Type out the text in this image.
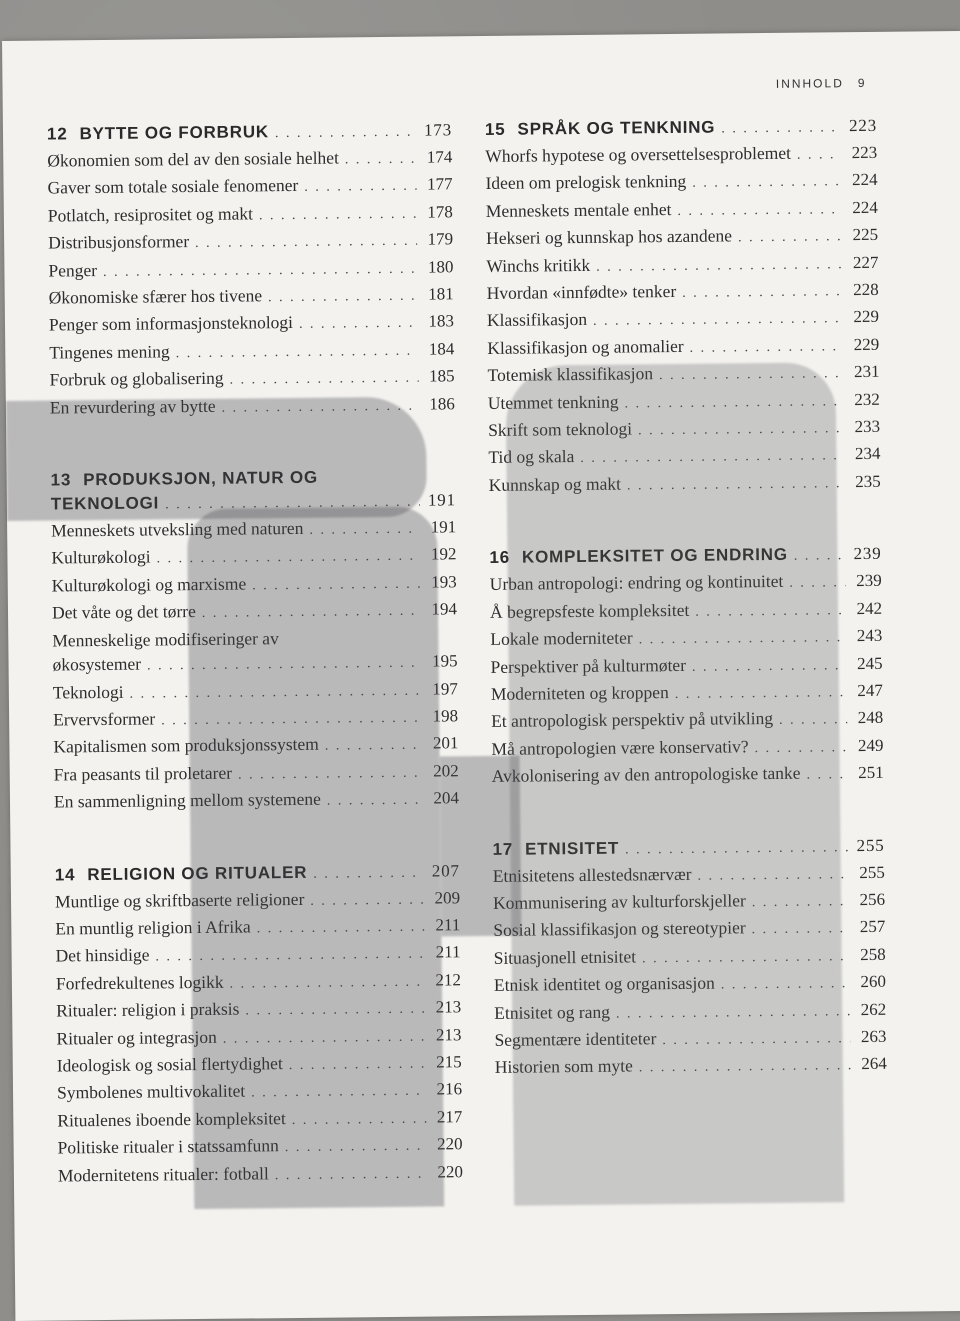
INNHOLD 9
12 BYTTE OG FORBRUK . . .	173
Økonomien som del av den sosiale helhet . . .	174
Gaver som totale sosiale fenomener . . .	177
Potlatch, resiprositet og makt . . .	178
Distribusjonsformer . . .	179
Penger . . .	180
Økonomiske sfærer hos tivene . . .	181
Penger som informasjonsteknologi . . .	183
Tingenes mening . . .	184
Forbruk og globalisering . . .	185
En revurdering av bytte . . .	186
13 PRODUKSJON, NATUR OG
TEKNOLOGI . . .	191
Menneskets utveksling med naturen . . .	191
Kulturøkologi . . .	192
Kulturøkologi og marxisme . . .	193
Det våte og det tørre . . .	194
Menneskelige modifiseringer av
økosystemer . . .	195
Teknologi . . .	197
Ervervsformer . . .	198
Kapitalismen som produksjonssystem . . .	201
Fra peasants til proletarer . . .	202
En sammenligning mellom systemene . . .	204
14 RELIGION OG RITUALER . . .	207
Muntlige og skriftbaserte religioner . . .	209
En muntlig religion i Afrika . . .	211
Det hinsidige . . .	211
Forfedrekultenes logikk . . .	212
Ritualer: religion i praksis . . .	213
Ritualer og integrasjon . . .	213
Ideologisk og sosial flertydighet . . .	215
Symbolenes multivokalitet . . .	216
Ritualenes iboende kompleksitet . . .	217
Politiske ritualer i statssamfunn . . .	220
Modernitetens ritualer: fotball . . .	220
15 SPRÅK OG TENKNING . . .	223
Whorfs hypotese og oversettelsesproblemet . . .	223
Ideen om prelogisk tenkning . . .	224
Menneskets mentale enhet . . .	224
Hekseri og kunnskap hos azandene . . .	225
Winchs kritikk . . .	227
Hvordan «innfødte» tenker . . .	228
Klassifikasjon . . .	229
Klassifikasjon og anomalier . . .	229
Totemisk klassifikasjon . . .	231
Utemmet tenkning . . .	232
Skrift som teknologi . . .	233
Tid og skala . . .	234
Kunnskap og makt . . .	235
16 KOMPLEKSITET OG ENDRING . . .	239
Urban antropologi: endring og kontinuitet . . .	239
Å begrepsfeste kompleksitet . . .	242
Lokale moderniteter . . .	243
Perspektiver på kulturmøter . . .	245
Moderniteten og kroppen . . .	247
Et antropologisk perspektiv på utvikling . . .	248
Må antropologien være konservativ? . . .	249
Avkolonisering av den antropologiske tanke . . .	251
17 ETNISITET . . .	255
Etnisitetens allestedsnærvær . . .	255
Kommunisering av kulturforskjeller . . .	256
Sosial klassifikasjon og stereotypier . . .	257
Situasjonell etnisitet . . .	258
Etnisk identitet og organisasjon . . .	260
Etnisitet og rang . . .	262
Segmentære identiteter . . .	263
Historien som myte . . .	264
